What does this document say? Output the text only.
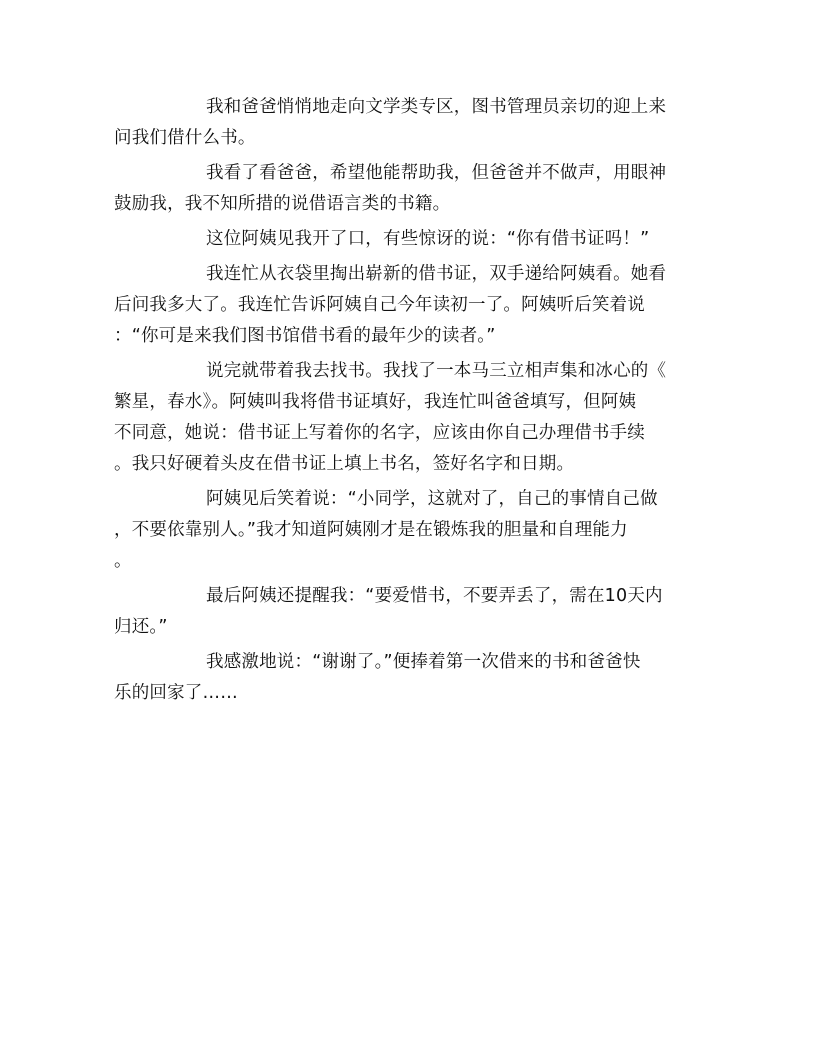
我和爸爸悄悄地走向文学类专区，图书管理员亲切的迎上来
问我们借什么书。

我看了看爸爸，希望他能帮助我，但爸爸并不做声，用眼神
鼓励我，我不知所措的说借语言类的书籍。

这位阿姨见我开了口，有些惊讶的说：“你有借书证吗！”

我连忙从衣袋里掏出崭新的借书证，双手递给阿姨看。她看
后问我多大了。我连忙告诉阿姨自己今年读初一了。阿姨听后笑着说
：“你可是来我们图书馆借书看的最年少的读者。”

说完就带着我去找书。我找了一本马三立相声集和冰心的《
繁星，春水》。阿姨叫我将借书证填好，我连忙叫爸爸填写，但阿姨
不同意，她说：借书证上写着你的名字，应该由你自己办理借书手续
。我只好硬着头皮在借书证上填上书名，签好名字和日期。

阿姨见后笑着说：“小同学，这就对了，自己的事情自己做
，不要依靠别人。”我才知道阿姨刚才是在锻炼我的胆量和自理能力
。

最后阿姨还提醒我：“要爱惜书，不要弄丢了，需在10天内
归还。”

我感激地说：“谢谢了。”便捧着第一次借来的书和爸爸快
乐的回家了……
